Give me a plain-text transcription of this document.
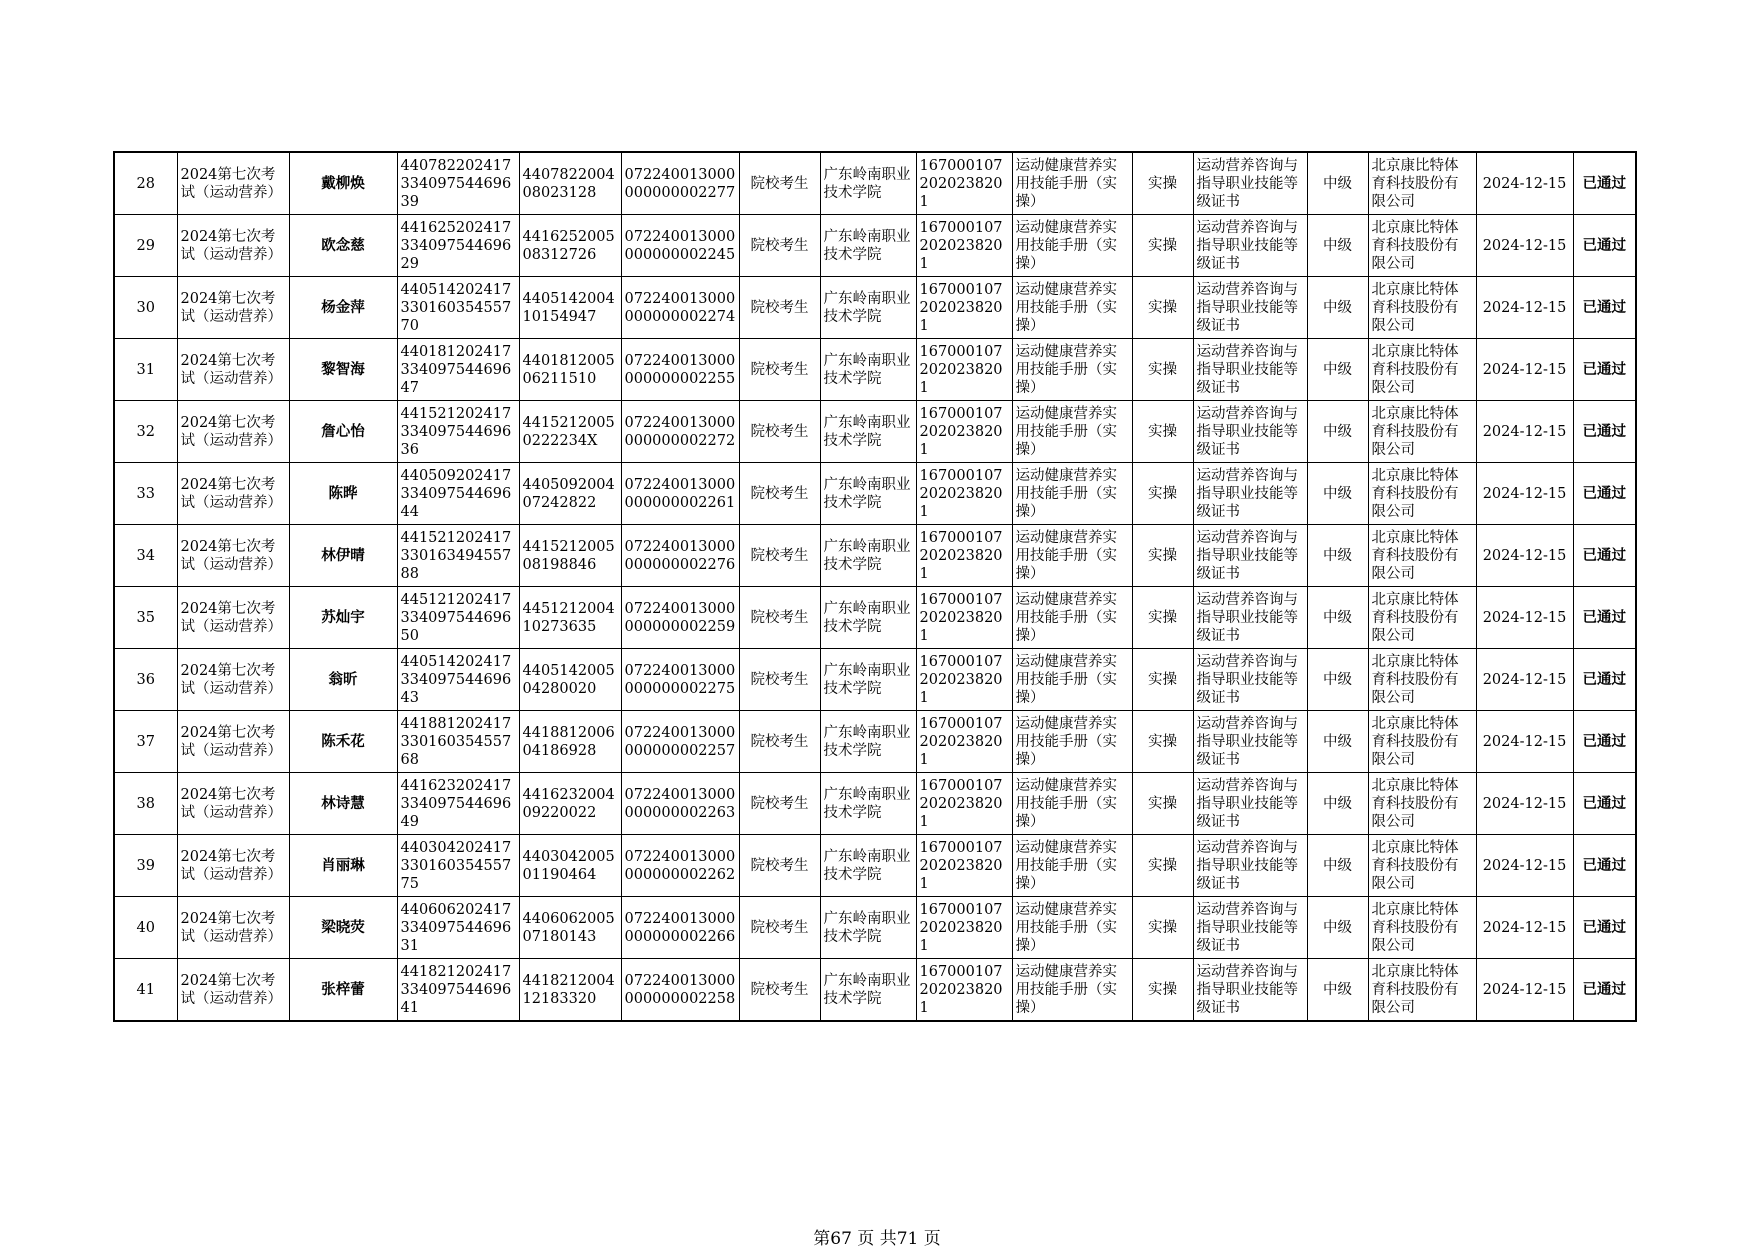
28	2024第七次考试（运动营养）	戴柳焕	44078220241733409754469639	440782200408023128	072240013000000000002277	院校考生	广东岭南职业技术学院	1670001072020238201	运动健康营养实用技能手册（实操）	实操	运动营养咨询与指导职业技能等级证书	中级	北京康比特体育科技股份有限公司	2024-12-15	已通过
29	2024第七次考试（运动营养）	欧念慈	44162520241733409754469629	441625200508312726	072240013000000000002245	院校考生	广东岭南职业技术学院	1670001072020238201	运动健康营养实用技能手册（实操）	实操	运动营养咨询与指导职业技能等级证书	中级	北京康比特体育科技股份有限公司	2024-12-15	已通过
30	2024第七次考试（运动营养）	杨金萍	44051420241733016035455770	440514200410154947	072240013000000000002274	院校考生	广东岭南职业技术学院	1670001072020238201	运动健康营养实用技能手册（实操）	实操	运动营养咨询与指导职业技能等级证书	中级	北京康比特体育科技股份有限公司	2024-12-15	已通过
31	2024第七次考试（运动营养）	黎智海	44018120241733409754469647	440181200506211510	072240013000000000002255	院校考生	广东岭南职业技术学院	1670001072020238201	运动健康营养实用技能手册（实操）	实操	运动营养咨询与指导职业技能等级证书	中级	北京康比特体育科技股份有限公司	2024-12-15	已通过
32	2024第七次考试（运动营养）	詹心怡	44152120241733409754469636	44152120050222234X	072240013000000000002272	院校考生	广东岭南职业技术学院	1670001072020238201	运动健康营养实用技能手册（实操）	实操	运动营养咨询与指导职业技能等级证书	中级	北京康比特体育科技股份有限公司	2024-12-15	已通过
33	2024第七次考试（运动营养）	陈晔	44050920241733409754469644	440509200407242822	072240013000000000002261	院校考生	广东岭南职业技术学院	1670001072020238201	运动健康营养实用技能手册（实操）	实操	运动营养咨询与指导职业技能等级证书	中级	北京康比特体育科技股份有限公司	2024-12-15	已通过
34	2024第七次考试（运动营养）	林伊晴	44152120241733016349455788	441521200508198846	072240013000000000002276	院校考生	广东岭南职业技术学院	1670001072020238201	运动健康营养实用技能手册（实操）	实操	运动营养咨询与指导职业技能等级证书	中级	北京康比特体育科技股份有限公司	2024-12-15	已通过
35	2024第七次考试（运动营养）	苏灿宇	44512120241733409754469650	445121200410273635	072240013000000000002259	院校考生	广东岭南职业技术学院	1670001072020238201	运动健康营养实用技能手册（实操）	实操	运动营养咨询与指导职业技能等级证书	中级	北京康比特体育科技股份有限公司	2024-12-15	已通过
36	2024第七次考试（运动营养）	翁昕	44051420241733409754469643	440514200504280020	072240013000000000002275	院校考生	广东岭南职业技术学院	1670001072020238201	运动健康营养实用技能手册（实操）	实操	运动营养咨询与指导职业技能等级证书	中级	北京康比特体育科技股份有限公司	2024-12-15	已通过
37	2024第七次考试（运动营养）	陈禾花	44188120241733016035455768	441881200604186928	072240013000000000002257	院校考生	广东岭南职业技术学院	1670001072020238201	运动健康营养实用技能手册（实操）	实操	运动营养咨询与指导职业技能等级证书	中级	北京康比特体育科技股份有限公司	2024-12-15	已通过
38	2024第七次考试（运动营养）	林诗慧	44162320241733409754469649	441623200409220022	072240013000000000002263	院校考生	广东岭南职业技术学院	1670001072020238201	运动健康营养实用技能手册（实操）	实操	运动营养咨询与指导职业技能等级证书	中级	北京康比特体育科技股份有限公司	2024-12-15	已通过
39	2024第七次考试（运动营养）	肖丽琳	44030420241733016035455775	440304200501190464	072240013000000000002262	院校考生	广东岭南职业技术学院	1670001072020238201	运动健康营养实用技能手册（实操）	实操	运动营养咨询与指导职业技能等级证书	中级	北京康比特体育科技股份有限公司	2024-12-15	已通过
40	2024第七次考试（运动营养）	梁晓荧	44060620241733409754469631	440606200507180143	072240013000000000002266	院校考生	广东岭南职业技术学院	1670001072020238201	运动健康营养实用技能手册（实操）	实操	运动营养咨询与指导职业技能等级证书	中级	北京康比特体育科技股份有限公司	2024-12-15	已通过
41	2024第七次考试（运动营养）	张梓蕾	44182120241733409754469641	441821200412183320	072240013000000000002258	院校考生	广东岭南职业技术学院	1670001072020238201	运动健康营养实用技能手册（实操）	实操	运动营养咨询与指导职业技能等级证书	中级	北京康比特体育科技股份有限公司	2024-12-15	已通过
第67 页 共71 页
